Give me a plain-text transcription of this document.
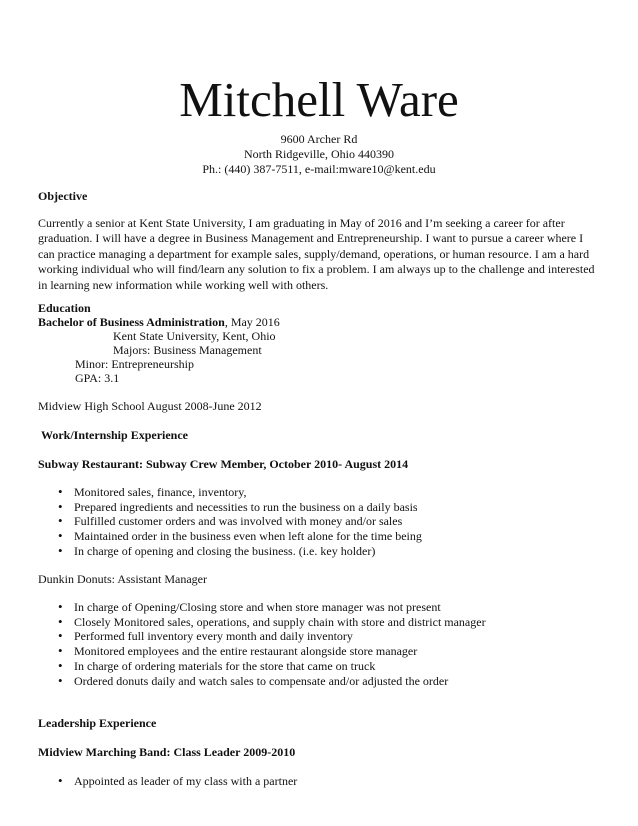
Mitchell Ware
9600 Archer Rd
North Ridgeville, Ohio 440390
Ph.: (440) 387-7511, e-mail:mware10@kent.edu
Objective
Currently a senior at Kent State University, I am graduating in May of 2016 and I’m seeking a career for after graduation. I will have a degree in Business Management and Entrepreneurship. I want to pursue a career where I can practice managing a department for example sales, supply/demand, operations, or human resource. I am a hard working individual who will find/learn any solution to fix a problem. I am always up to the challenge and interested in learning new information while working well with others.
Education
Bachelor of Business Administration, May 2016
Kent State University, Kent, Ohio
Majors: Business Management
Minor: Entrepreneurship
GPA: 3.1
Midview High School August 2008-June 2012
Work/Internship Experience
Subway Restaurant: Subway Crew Member, October 2010- August 2014
• Monitored sales, finance, inventory,
• Prepared ingredients and necessities to run the business on a daily basis
• Fulfilled customer orders and was involved with money and/or sales
• Maintained order in the business even when left alone for the time being
• In charge of opening and closing the business. (i.e. key holder)
Dunkin Donuts: Assistant Manager
• In charge of Opening/Closing store and when store manager was not present
• Closely Monitored sales, operations, and supply chain with store and district manager
• Performed full inventory every month and daily inventory
• Monitored employees and the entire restaurant alongside store manager
• In charge of ordering materials for the store that came on truck
• Ordered donuts daily and watch sales to compensate and/or adjusted the order
Leadership Experience
Midview Marching Band: Class Leader 2009-2010
• Appointed as leader of my class with a partner
